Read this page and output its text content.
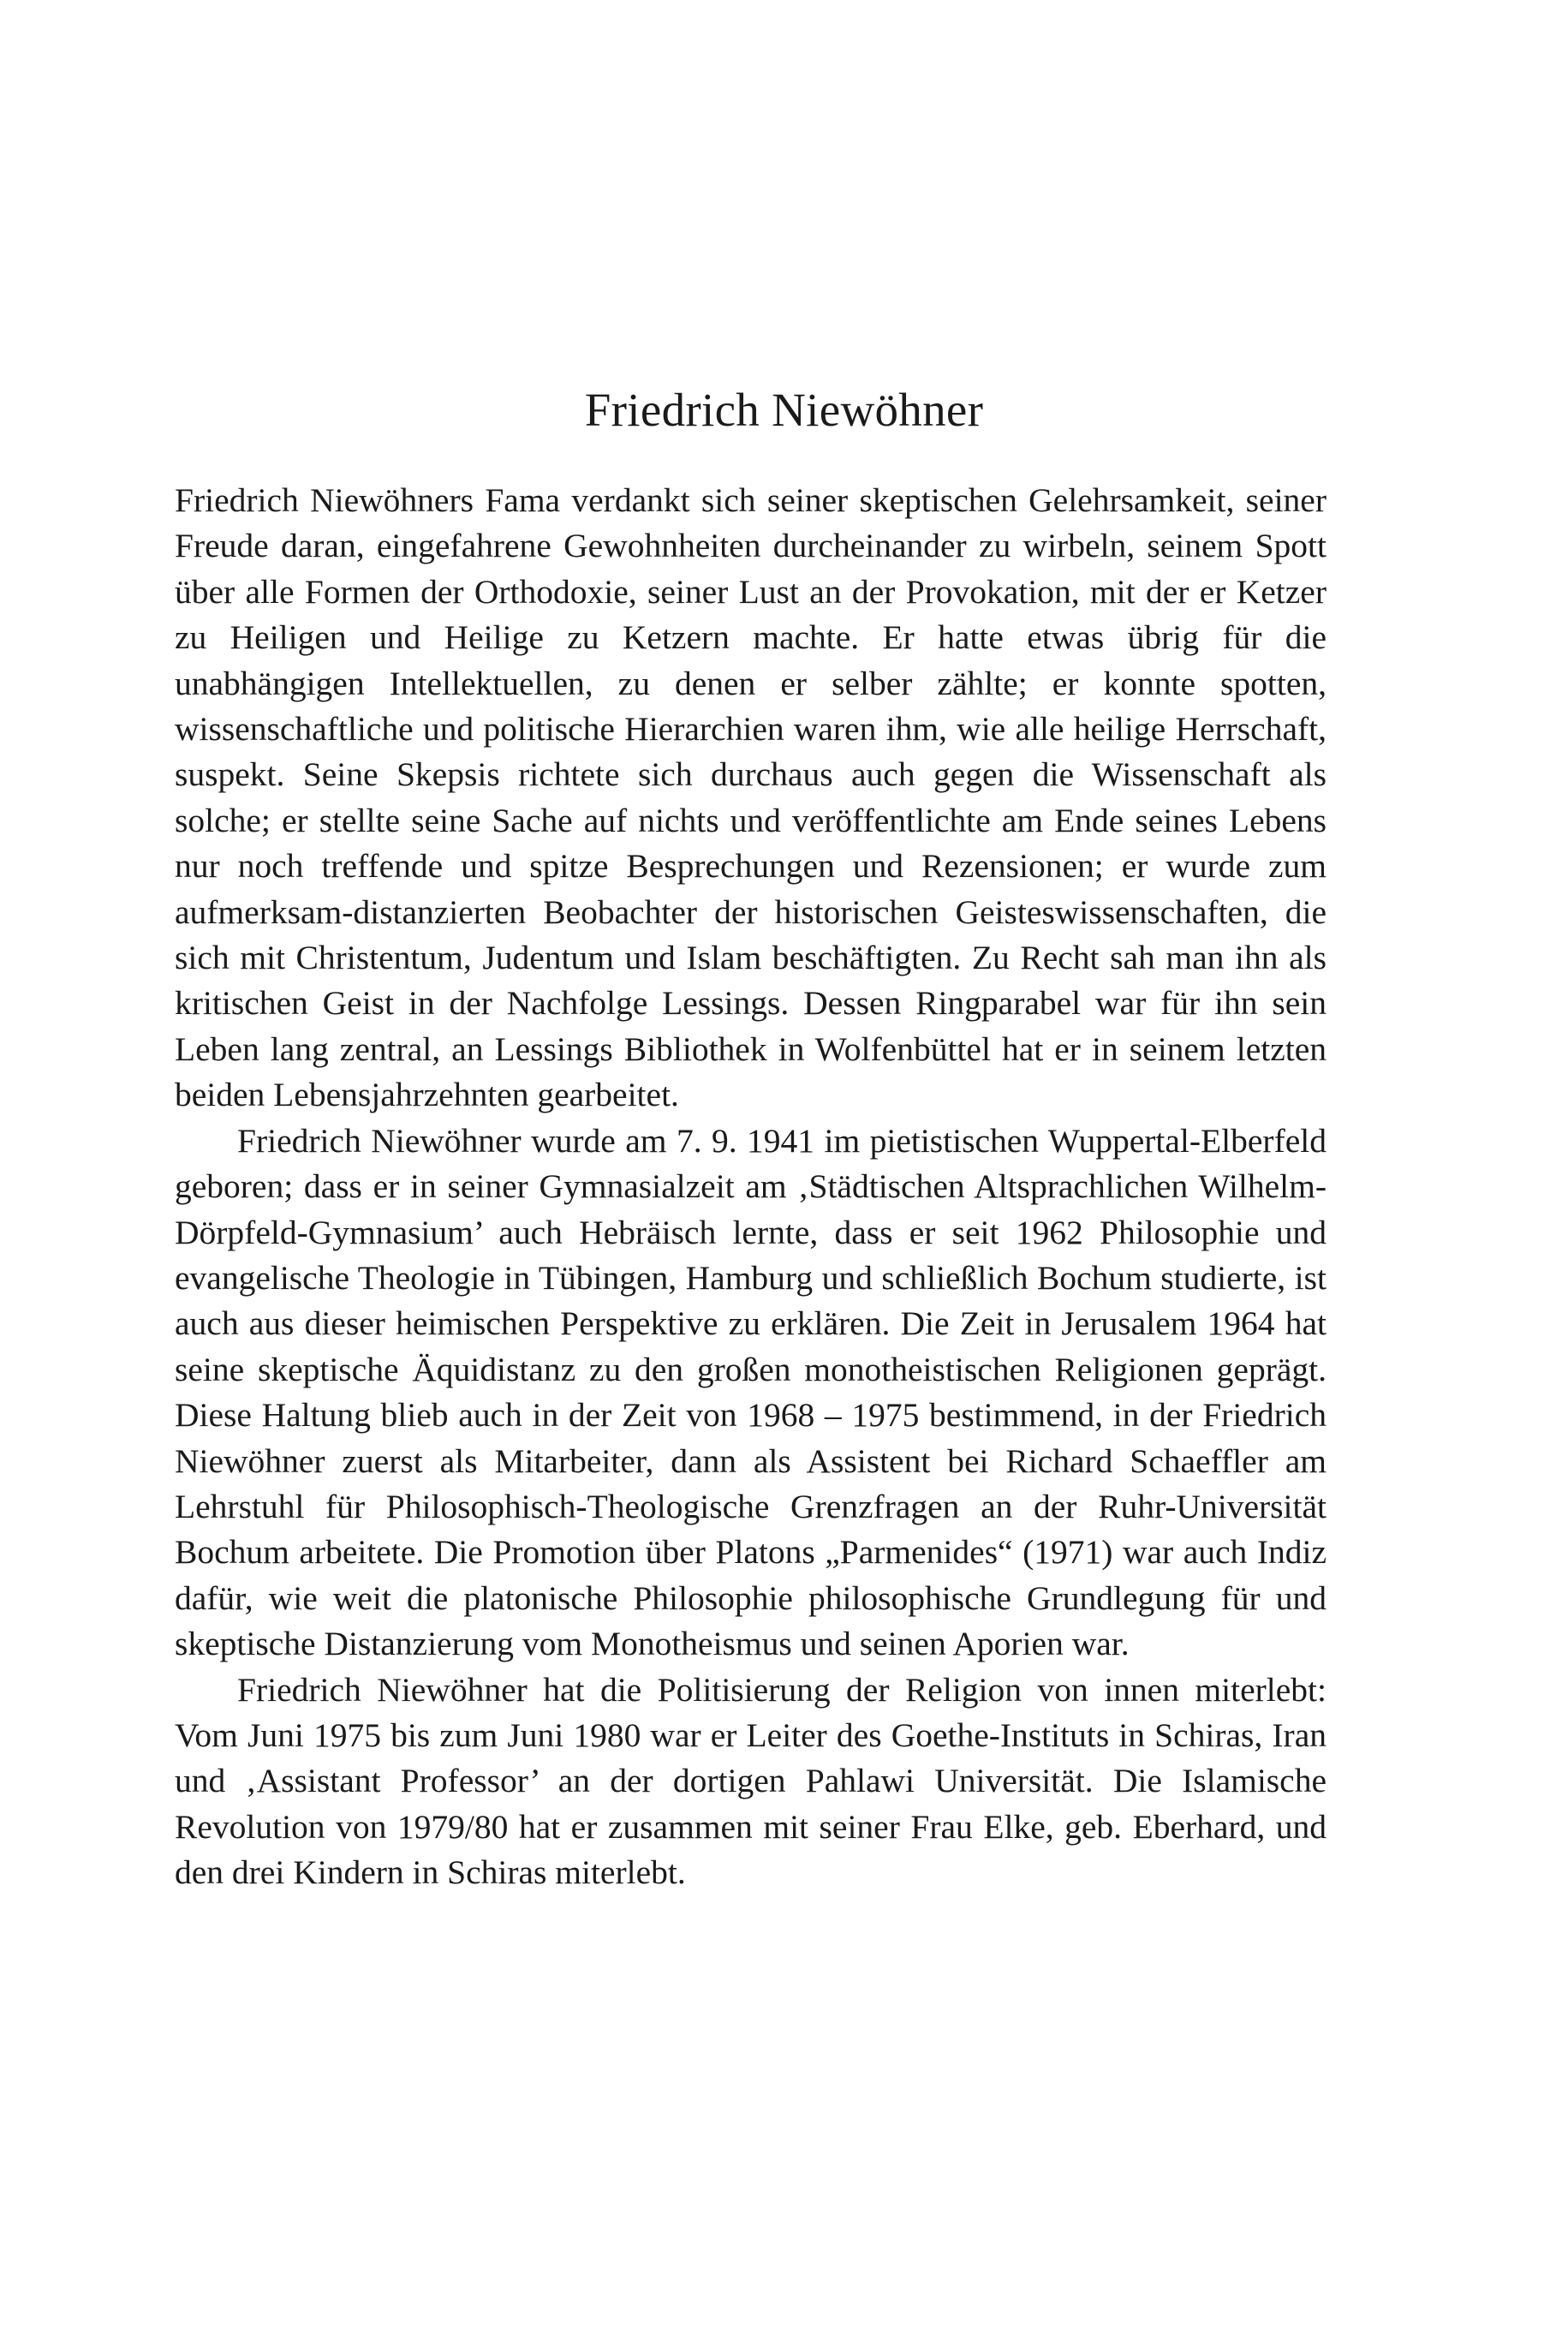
Friedrich Niewöhner

Friedrich Niewöhners Fama verdankt sich seiner skeptischen Gelehrsamkeit, seiner Freude daran, eingefahrene Gewohnheiten durcheinander zu wirbeln, seinem Spott über alle Formen der Orthodoxie, seiner Lust an der Provokation, mit der er Ketzer zu Heiligen und Heilige zu Ketzern machte. Er hatte etwas übrig für die unabhängigen Intellektuellen, zu denen er selber zählte; er konnte spotten, wissenschaftliche und politische Hierarchien waren ihm, wie alle heilige Herrschaft, suspekt. Seine Skepsis richtete sich durchaus auch gegen die Wissenschaft als solche; er stellte seine Sache auf nichts und veröffentlichte am Ende seines Lebens nur noch treffende und spitze Besprechungen und Rezensionen; er wurde zum aufmerksam-distanzierten Beobachter der historischen Geisteswissenschaften, die sich mit Christentum, Judentum und Islam beschäftigten. Zu Recht sah man ihn als kritischen Geist in der Nachfolge Lessings. Dessen Ringparabel war für ihn sein Leben lang zentral, an Lessings Bibliothek in Wolfenbüttel hat er in seinem letzten beiden Lebensjahrzehnten gearbeitet.

Friedrich Niewöhner wurde am 7. 9. 1941 im pietistischen Wuppertal-Elberfeld geboren; dass er in seiner Gymnasialzeit am ‚Städtischen Altsprachlichen Wilhelm-Dörpfeld-Gymnasium’ auch Hebräisch lernte, dass er seit 1962 Philosophie und evangelische Theologie in Tübingen, Hamburg und schließlich Bochum studierte, ist auch aus dieser heimischen Perspektive zu erklären. Die Zeit in Jerusalem 1964 hat seine skeptische Äquidistanz zu den großen monotheistischen Religionen geprägt. Diese Haltung blieb auch in der Zeit von 1968 – 1975 bestimmend, in der Friedrich Niewöhner zuerst als Mitarbeiter, dann als Assistent bei Richard Schaeffler am Lehrstuhl für Philosophisch-Theologische Grenzfragen an der Ruhr-Universität Bochum arbeitete. Die Promotion über Platons „Parmenides“ (1971) war auch Indiz dafür, wie weit die platonische Philosophie philosophische Grundlegung für und skeptische Distanzierung vom Monotheismus und seinen Aporien war.

Friedrich Niewöhner hat die Politisierung der Religion von innen miterlebt: Vom Juni 1975 bis zum Juni 1980 war er Leiter des Goethe-Instituts in Schiras, Iran und ‚Assistant Professor’ an der dortigen Pahlawi Universität. Die Islamische Revolution von 1979/80 hat er zusammen mit seiner Frau Elke, geb. Eberhard, und den drei Kindern in Schiras miterlebt.
